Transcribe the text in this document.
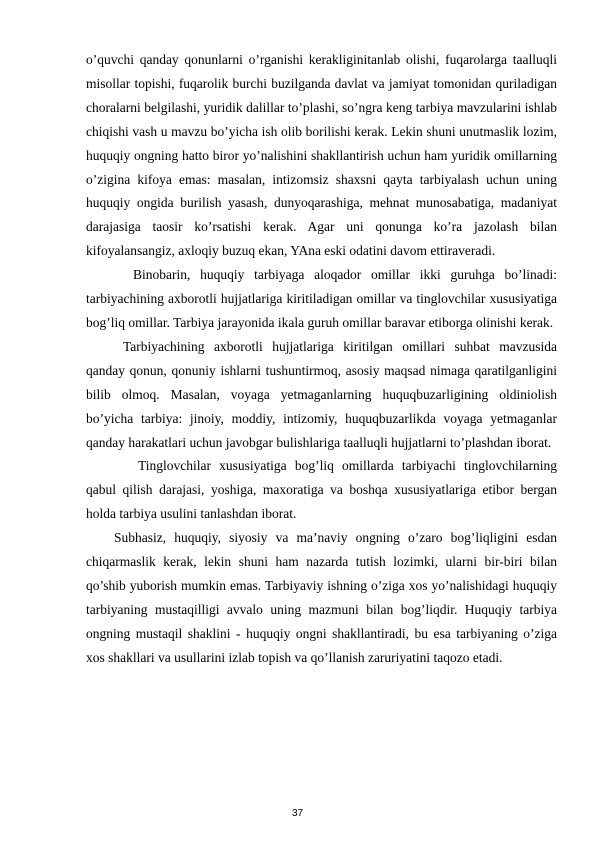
o’quvchi qanday qonunlarni o’rganishi kerakliginitanlab olishi, fuqarolarga taalluqli misollar topishi, fuqarolik burchi buzilganda davlat va jamiyat tomonidan quriladigan choralarni belgilashi, yuridik dalillar to’plashi, so’ngra keng tarbiya mavzularini ishlab chiqishi vash u mavzu bo’yicha ish olib borilishi kerak. Lekin shuni unutmaslik lozim, huquqiy ongning hatto biror yo’nalishini shakllantirish uchun ham yuridik omillarning o’zigina kifoya emas: masalan, intizomsiz shaxsni qayta tarbiyalash uchun uning huquqiy ongida burilish yasash, dunyoqarashiga, mehnat munosabatiga, madaniyat darajasiga taosir ko’rsatishi kerak. Agar uni qonunga ko’ra jazolash bilan kifoyalansangiz, axloqiy buzuq ekan, YAna eski odatini davom ettiraveradi.

Binobarin, huquqiy tarbiyaga aloqador omillar ikki guruhga bo’linadi: tarbiyachining axborotli hujjatlariga kiritiladigan omillar va tinglovchilar xususiyatiga bog’liq omillar. Tarbiya jarayonida ikala guruh omillar baravar etiborga olinishi kerak.

Tarbiyachining axborotli hujjatlariga kiritilgan omillari suhbat mavzusida qanday qonun, qonuniy ishlarni tushuntirmoq, asosiy maqsad nimaga qaratilganligini bilib olmoq. Masalan, voyaga yetmaganlarning huquqbuzarligining oldiniolish bo’yicha tarbiya: jinoiy, moddiy, intizomiy, huquqbuzarlikda voyaga yetmaganlar qanday harakatlari uchun javobgar bulishlariga taalluqli hujjatlarni to’plashdan iborat.

Tinglovchilar xususiyatiga bog’liq omillarda tarbiyachi tinglovchilarning qabul qilish darajasi, yoshiga, maxoratiga va boshqa xususiyatlariga etibor bergan holda tarbiya usulini tanlashdan iborat.

Subhasiz, huquqiy, siyosiy va ma’naviy ongning o’zaro bog’liqligini esdan chiqarmaslik kerak, lekin shuni ham nazarda tutish lozimki, ularni bir-biri bilan qo’shib yuborish mumkin emas. Tarbiyaviy ishning o’ziga xos yo’nalishidagi huquqiy tarbiyaning mustaqilligi avvalo uning mazmuni bilan bog’liqdir. Huquqiy tarbiya ongning mustaqil shaklini - huquqiy ongni shakllantiradi, bu esa tarbiyaning o’ziga xos shakllari va usullarini izlab topish va qo’llanish zaruriyatini taqozo etadi.

37
